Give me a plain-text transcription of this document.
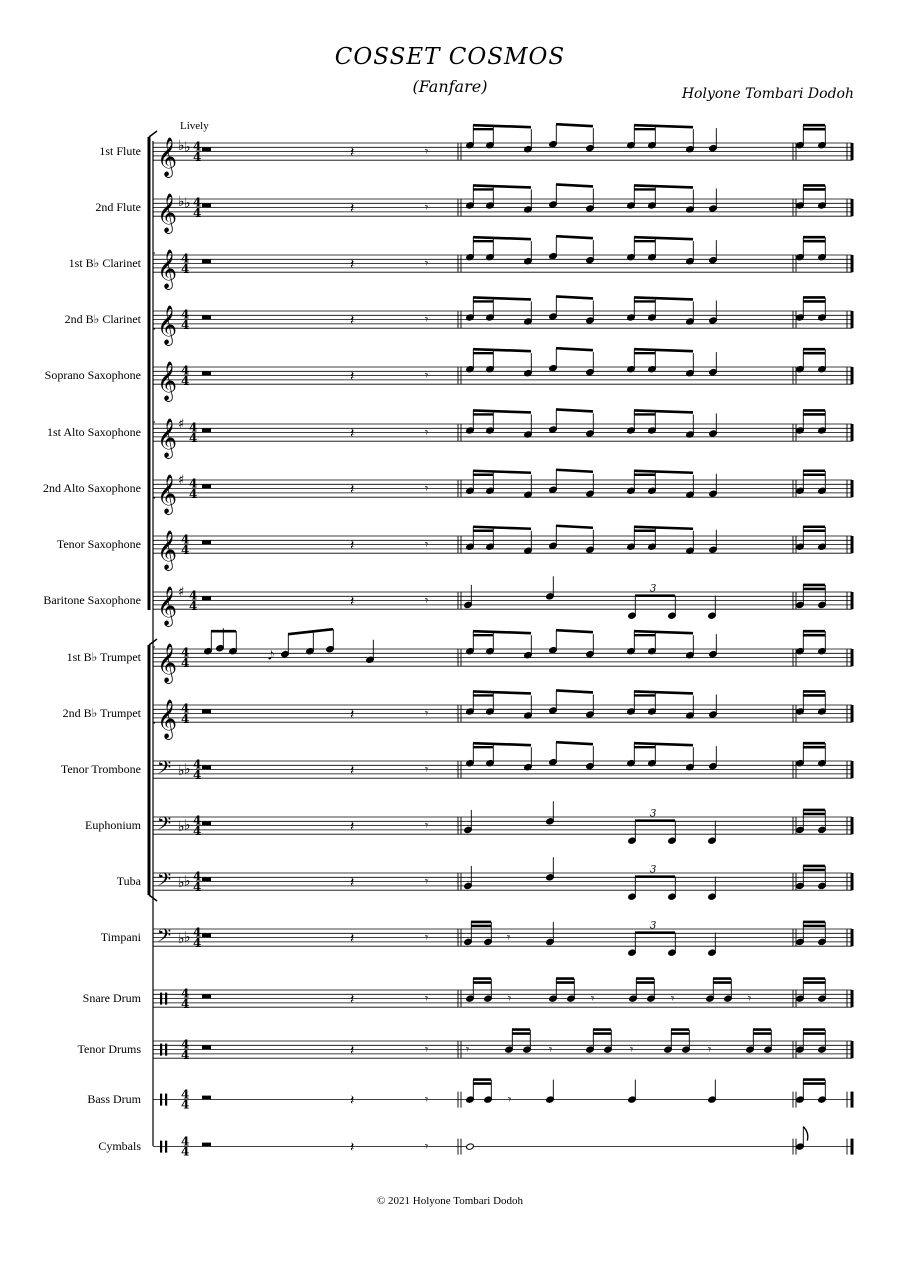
COSSET COSMOS
(Fanfare)	Holyone Tombari Dodoh
Lively
1st Flute
2nd Flute
1st B♭ Clarinet
2nd B♭ Clarinet
Soprano Saxophone
1st Alto Saxophone
2nd Alto Saxophone
Tenor Saxophone
Baritone Saxophone
1st B♭ Trumpet
2nd B♭ Trumpet
Tenor Trombone
Euphonium
Tuba
Timpani
Snare Drum
Tenor Drums
Bass Drum
Cymbals
𝄞 ♭ ♭ 4
4	𝄽	𝄾
𝄞 ♭ ♭ 4
4	𝄽	𝄾
𝄞 4
4	𝄽	𝄾
𝄞 4
4	𝄽	𝄾
𝄞 4
4	𝄽	𝄾
𝄞 ♯ 4
4	𝄽	𝄾
𝄞 ♯ 4
4	𝄽	𝄾
𝄞 4
4	𝄽	𝄾
𝄞 ♯ 4
4	𝄽	𝄾
3
𝄞 4
4
𝅘𝅥𝅮
𝄞 4
4	𝄽	𝄾
𝄢 ♭ ♭ 4
4	𝄽	𝄾
𝄢 ♭ ♭ 4
4	𝄽	𝄾
3
𝄢 ♭ ♭ 4
4	𝄽	𝄾
3
𝄢 ♭ ♭ 4
4	𝄽	𝄾	𝄾
3
4
4	𝄽	𝄾	𝄾	𝄾	𝄾	𝄾
4
4	𝄽	𝄾	𝄾	𝄾	𝄾	𝄾
4
4	𝄽	𝄾	𝄾
4
4	𝄽	𝄾
© 2021 Holyone Tombari Dodoh
